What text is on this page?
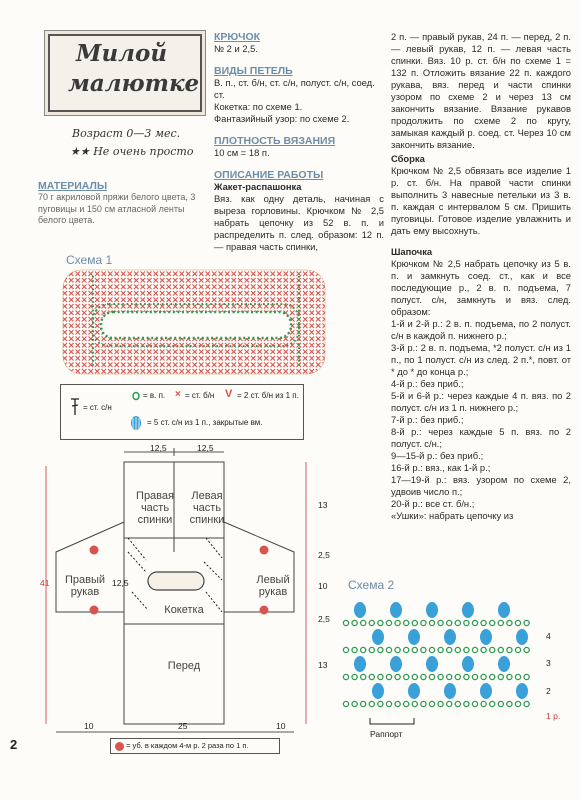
Милой
малютке
Возраст 0—3 мес.
★★ Не очень просто
МАТЕРИАЛЫ
70 г акриловой пряжи белого цвета, 3 пуговицы и 150 см атласной ленты белого цвета.
КРЮЧОК
№ 2 и 2,5.
ВИДЫ ПЕТЕЛЬ
В. п., ст. б/н, ст. с/н, полуст. с/н, соед. ст.
Кокетка: по схеме 1.
Фантазийный узор: по схеме 2.
ПЛОТНОСТЬ ВЯЗАНИЯ
10 см = 18 п.
ОПИСАНИЕ РАБОТЫ
Жакет-распашонка
Вяз. как одну деталь, начиная с выреза горловины. Крючком № 2,5 набрать цепочку из 52 в. п. и распределить п. след. образом: 12 п. — правая часть спинки,
2 п. — правый рукав, 24 п. — перед, 2 п. — левый рукав, 12 п. — левая часть спинки. Вяз. 10 р. ст. б/н по схеме 1 = 132 п. Отложить вязание 22 п. каждого рукава, вяз. перед и части спинки узором по схеме 2 и через 13 см закончить вязание. Вязание рукавов продолжить по схеме 2 по кругу, замыкая каждый р. соед. ст. Через 10 см закончить вязание.
Сборка
Крючком № 2,5 обвязать все изделие 1 р. ст. б/н. На правой части спинки выполнить 3 навесные петельки из 3 в. п. каждая с интервалом 5 см. Пришить пуговицы. Готовое изделие увлажнить и дать ему высохнуть.
Шапочка
Крючком № 2,5 набрать цепочку из 5 в. п. и замкнуть соед. ст., как и все последующие р., 2 в. п. подъема, 7 полуст. с/н, замкнуть и вяз. след. образом:
1-й и 2-й р.: 2 в. п. подъема, по 2 полуст. с/н в каждой п. нижнего р.;
3-й р.: 2 в. п. подъема, *2 полуст. с/н из 1 п., по 1 полуст. с/н из след. 2 п.*, повт. от * до * до конца р.;
4-й р.: без приб.;
5-й и 6-й р.: через каждые 4 п. вяз. по 2 полуст. с/н из 1 п. нижнего р.;
7-й р.: без приб.;
8-й р.: через каждые 5 п. вяз. по 2 полуст. с/н.;
9—15-й р.: без приб.;
16-й р.: вяз., как 1-й р.;
17—19-й р.: вяз. узором по схеме 2, удвоив число п.;
20-й р.: все ст. б/н.;
«Ушки»: набрать цепочку из
Схема 1
= ст. с/н
= в. п. × = ст. б/н V = 2 ст. б/н из 1 п.
= 5 ст. с/н из 1 п., закрытые вм.
12,5	12,5
41	12,5
13
2,5
10
2,5
13
10	25	10
Правая часть спинки
Левая часть спинки
Правый рукав
Левый рукав
Кокетка
Перед
Схема 2
4
3
2
1 р.
Раппорт
2	= уб. в каждом 4-м р. 2 раза по 1 п.
